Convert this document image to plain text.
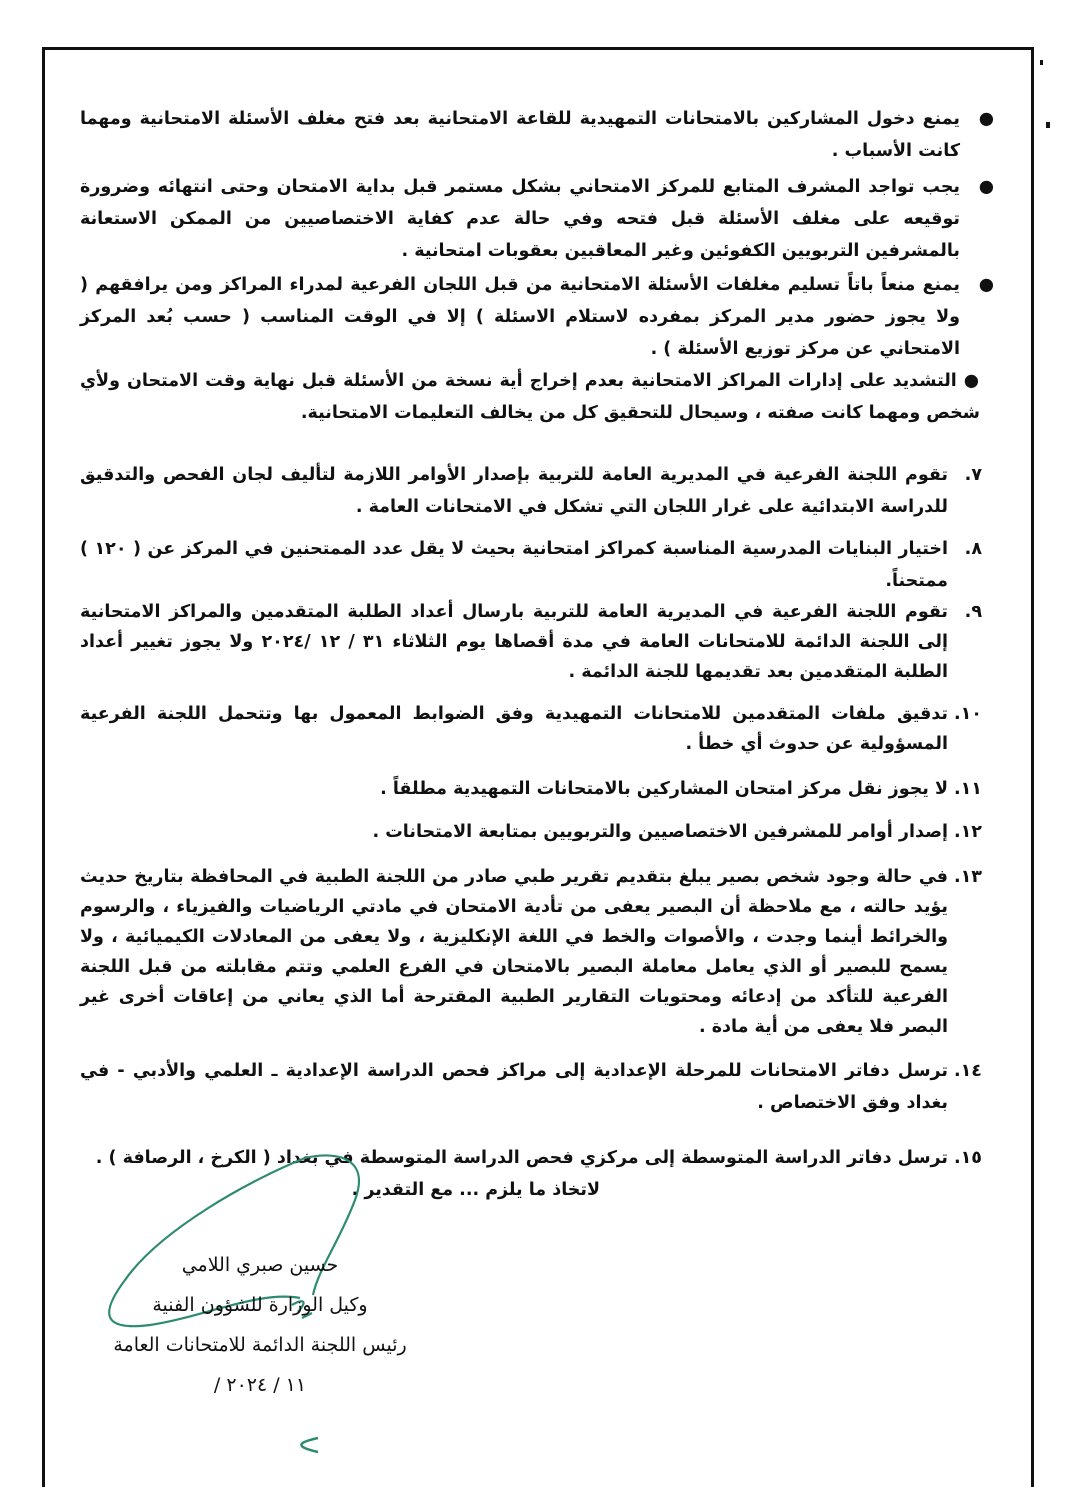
●
يمنع دخول المشاركين بالامتحانات التمهيدية للقاعة الامتحانية بعد فتح مغلف الأسئلة الامتحانية ومهما كانت الأسباب .
●
يجب تواجد المشرف المتابع للمركز الامتحاني بشكل مستمر قبل بداية الامتحان وحتى انتهائه وضرورة توقيعه على مغلف الأسئلة قبل فتحه وفي حالة عدم كفاية الاختصاصيين من الممكن الاستعانة بالمشرفين التربويين الكفوئين وغير المعاقبين بعقوبات امتحانية .
●
يمنع منعاً باتاً تسليم مغلفات الأسئلة الامتحانية من قبل اللجان الفرعية لمدراء المراكز ومن يرافقهم ( ولا يجوز حضور مدير المركز بمفرده لاستلام الاسئلة ) إلا في الوقت المناسب ( حسب بُعد المركز الامتحاني عن مركز توزيع الأسئلة ) .
● التشديد على إدارات المراكز الامتحانية بعدم إخراج أية نسخة من الأسئلة قبل نهاية وقت الامتحان ولأي شخص ومهما كانت صفته ، وسيحال للتحقيق كل من يخالف التعليمات الامتحانية.
٧.
تقوم اللجنة الفرعية في المديرية العامة للتربية بإصدار الأوامر اللازمة لتأليف لجان الفحص والتدقيق للدراسة الابتدائية على غرار اللجان التي تشكل في الامتحانات العامة .
٨.
اختيار البنايات المدرسية المناسبة كمراكز امتحانية بحيث لا يقل عدد الممتحنين في المركز عن ( ١٢٠ ) ممتحناً.
٩.
تقوم اللجنة الفرعية في المديرية العامة للتربية بارسال أعداد الطلبة المتقدمين والمراكز الامتحانية إلى اللجنة الدائمة للامتحانات العامة في مدة أقصاها يوم الثلاثاء ٣١ / ١٢ /٢٠٢٤ ولا يجوز تغيير أعداد الطلبة المتقدمين بعد تقديمها للجنة الدائمة .
١٠.
تدقيق ملفات المتقدمين للامتحانات التمهيدية وفق الضوابط المعمول بها وتتحمل اللجنة الفرعية المسؤولية عن حدوث أي خطأ .
١١.
لا يجوز نقل مركز امتحان المشاركين بالامتحانات التمهيدية مطلقاً .
١٢.
إصدار أوامر للمشرفين الاختصاصيين والتربويين بمتابعة الامتحانات .
١٣.
في حالة وجود شخص بصير يبلغ بتقديم تقرير طبي صادر من اللجنة الطبية في المحافظة بتاريخ حديث يؤيد حالته ، مع ملاحظة أن البصير يعفى من تأدية الامتحان في مادتي الرياضيات والفيزياء ، والرسوم والخرائط أينما وجدت ، والأصوات والخط في اللغة الإنكليزية ، ولا يعفى من المعادلات الكيميائية ، ولا يسمح للبصير أو الذي يعامل معاملة البصير بالامتحان في الفرع العلمي وتتم مقابلته من قبل اللجنة الفرعية للتأكد من إدعائه ومحتويات التقارير الطبية المقترحة أما الذي يعاني من إعاقات أخرى غير البصر فلا يعفى من أية مادة .
١٤.
ترسل دفاتر الامتحانات للمرحلة الإعدادية إلى مراكز فحص الدراسة الإعدادية ـ العلمي والأدبي - في بغداد وفق الاختصاص .
١٥.
ترسل دفاتر الدراسة المتوسطة إلى مركزي فحص الدراسة المتوسطة في بغداد ( الكرخ ، الرصافة ) .
لاتخاذ ما يلزم ... مع التقدير .
حسين صبري اللامي
وكيل الوزارة للشؤون الفنية
رئيس اللجنة الدائمة للامتحانات العامة
/ ١١ / ٢٠٢٤
